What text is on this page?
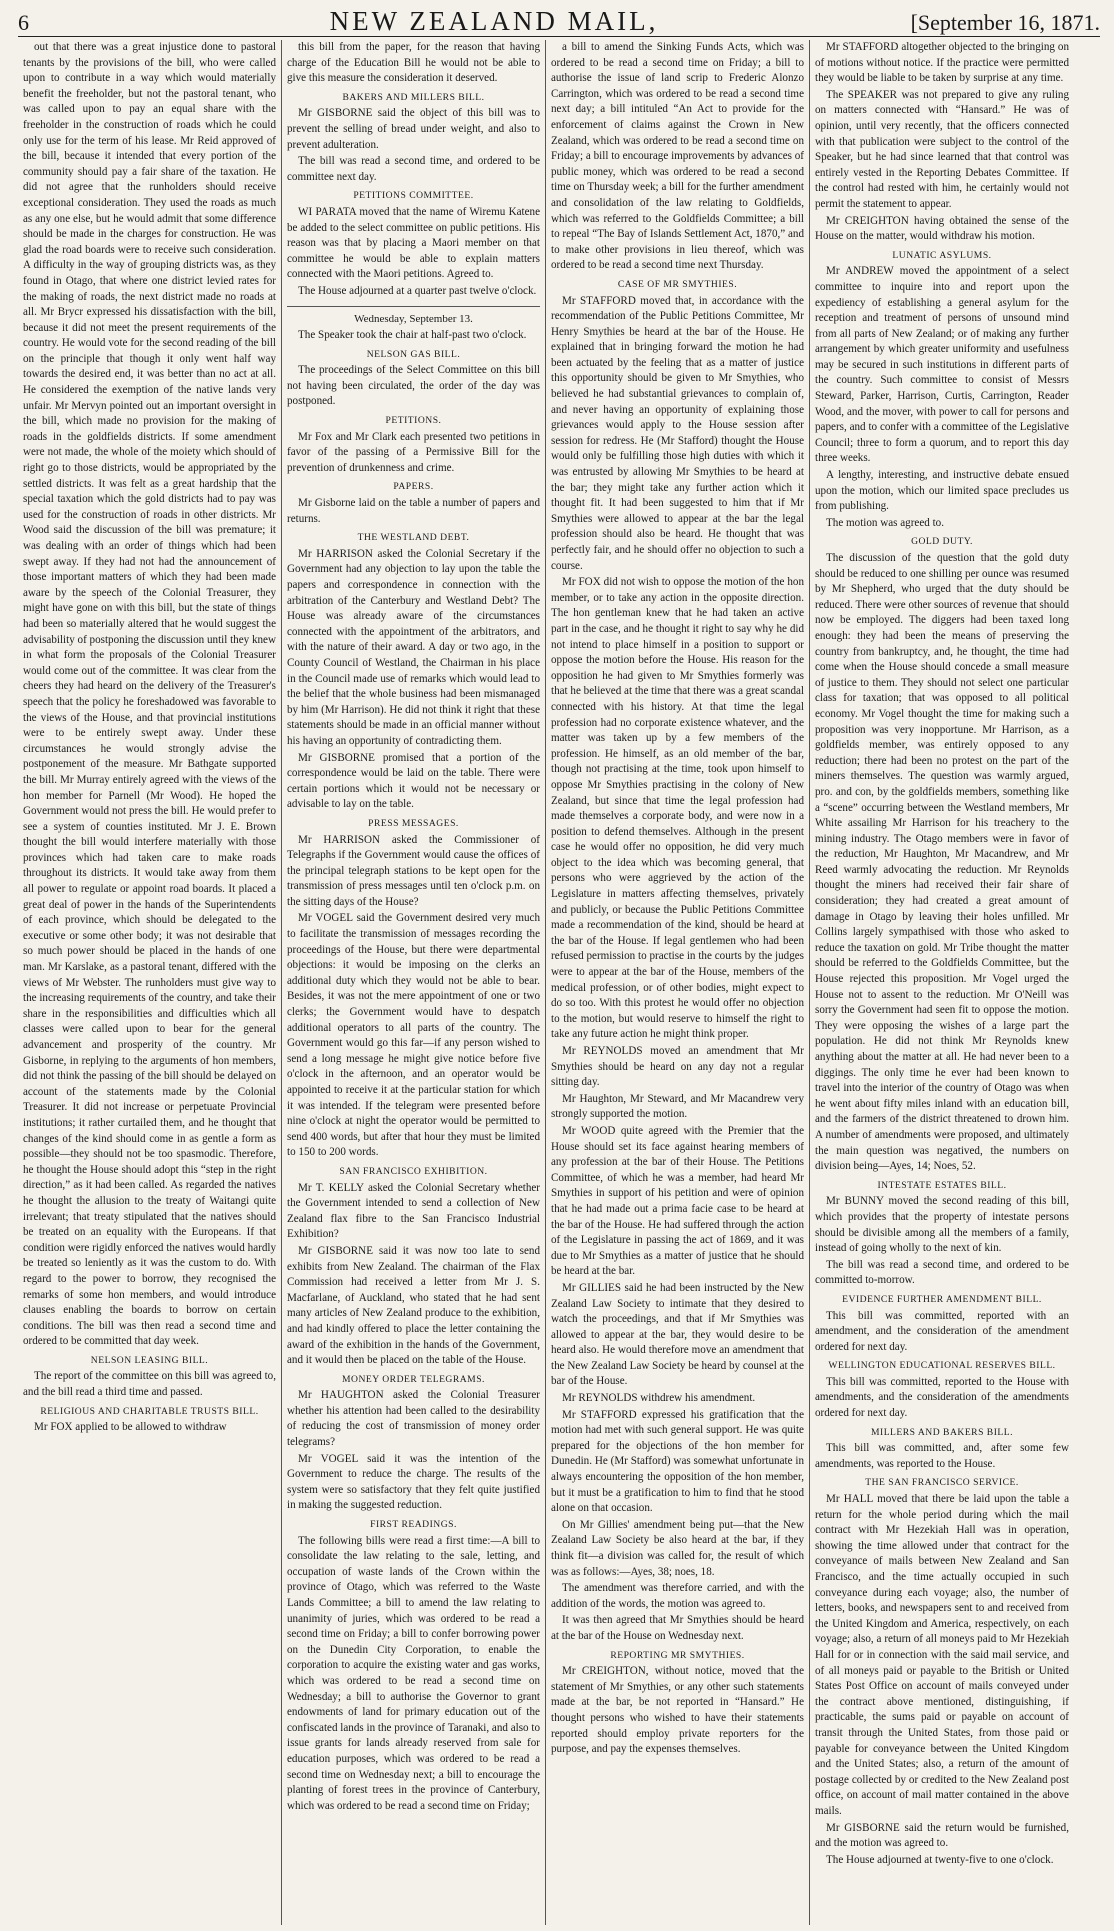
6	NEW ZEALAND MAIL,	[September 16, 1871.

out that there was a great injustice done to pastoral tenants by the provisions of the bill, who were called upon to contribute in a way which would materially benefit the freeholder, but not the pastoral tenant, who was called upon to pay an equal share with the freeholder in the construction of roads which he could only use for the term of his lease. Mr Reid approved of the bill, because it intended that every portion of the community should pay a fair share of the taxation. He did not agree that the runholders should receive exceptional consideration. They used the roads as much as any one else, but he would admit that some difference should be made in the charges for construction. He was glad the road boards were to receive such consideration. A difficulty in the way of grouping districts was, as they found in Otago, that where one district levied rates for the making of roads, the next district made no roads at all. Mr Brycr expressed his dissatisfaction with the bill, because it did not meet the present requirements of the country. He would vote for the second reading of the bill on the principle that though it only went half way towards the desired end, it was better than no act at all. He considered the exemption of the native lands very unfair. Mr Mervyn pointed out an important oversight in the bill, which made no provision for the making of roads in the goldfields districts. If some amendment were not made, the whole of the moiety which should of right go to those districts, would be appropriated by the settled districts. It was felt as a great hardship that the special taxation which the gold districts had to pay was used for the construction of roads in other districts. Mr Wood said the discussion of the bill was premature; it was dealing with an order of things which had been swept away. If they had not had the announcement of those important matters of which they had been made aware by the speech of the Colonial Treasurer, they might have gone on with this bill, but the state of things had been so materially altered that he would suggest the advisability of postponing the discussion until they knew in what form the proposals of the Colonial Treasurer would come out of the committee. It was clear from the cheers they had heard on the delivery of the Treasurer's speech that the policy he foreshadowed was favorable to the views of the House, and that provincial institutions were to be entirely swept away. Under these circumstances he would strongly advise the postponement of the measure. Mr Bathgate supported the bill. Mr Murray entirely agreed with the views of the hon member for Parnell (Mr Wood). He hoped the Government would not press the bill. He would prefer to see a system of counties instituted. Mr J. E. Brown thought the bill would interfere materially with those provinces which had taken care to make roads throughout its districts. It would take away from them all power to regulate or appoint road boards. It placed a great deal of power in the hands of the Superintendents of each province, which should be delegated to the executive or some other body; it was not desirable that so much power should be placed in the hands of one man. Mr Karslake, as a pastoral tenant, differed with the views of Mr Webster. The runholders must give way to the increasing requirements of the country, and take their share in the responsibilities and difficulties which all classes were called upon to bear for the general advancement and prosperity of the country. Mr Gisborne, in replying to the arguments of hon members, did not think the passing of the bill should be delayed on account of the statements made by the Colonial Treasurer. It did not increase or perpetuate Provincial institutions; it rather curtailed them, and he thought that changes of the kind should come in as gentle a form as possible—they should not be too spasmodic. Therefore, he thought the House should adopt this “step in the right direction,” as it had been called. As regarded the natives he thought the allusion to the treaty of Waitangi quite irrelevant; that treaty stipulated that the natives should be treated on an equality with the Europeans. If that condition were rigidly enforced the natives would hardly be treated so leniently as it was the custom to do. With regard to the power to borrow, they recognised the remarks of some hon members, and would introduce clauses enabling the boards to borrow on certain conditions. The bill was then read a second time and ordered to be committed that day week.

NELSON LEASING BILL.

The report of the committee on this bill was agreed to, and the bill read a third time and passed.

RELIGIOUS AND CHARITABLE TRUSTS BILL.

Mr FOX applied to be allowed to withdraw

this bill from the paper, for the reason that having charge of the Education Bill he would not be able to give this measure the consideration it deserved.

BAKERS AND MILLERS BILL.

Mr GISBORNE said the object of this bill was to prevent the selling of bread under weight, and also to prevent adulteration.

The bill was read a second time, and ordered to be committee next day.

PETITIONS COMMITTEE.

WI PARATA moved that the name of Wiremu Katene be added to the select committee on public petitions. His reason was that by placing a Maori member on that committee he would be able to explain matters connected with the Maori petitions. Agreed to.

The House adjourned at a quarter past twelve o'clock.

Wednesday, September 13.

The Speaker took the chair at half-past two o'clock.

NELSON GAS BILL.

The proceedings of the Select Committee on this bill not having been circulated, the order of the day was postponed.

PETITIONS.

Mr Fox and Mr Clark each presented two petitions in favor of the passing of a Permissive Bill for the prevention of drunkenness and crime.

PAPERS.

Mr Gisborne laid on the table a number of papers and returns.

THE WESTLAND DEBT.

Mr HARRISON asked the Colonial Secretary if the Government had any objection to lay upon the table the papers and correspondence in connection with the arbitration of the Canterbury and Westland Debt? The House was already aware of the circumstances connected with the appointment of the arbitrators, and with the nature of their award. A day or two ago, in the County Council of Westland, the Chairman in his place in the Council made use of remarks which would lead to the belief that the whole business had been mismanaged by him (Mr Harrison). He did not think it right that these statements should be made in an official manner without his having an opportunity of contradicting them.

Mr GISBORNE promised that a portion of the correspondence would be laid on the table. There were certain portions which it would not be necessary or advisable to lay on the table.

PRESS MESSAGES.

Mr HARRISON asked the Commissioner of Telegraphs if the Government would cause the offices of the principal telegraph stations to be kept open for the transmission of press messages until ten o'clock p.m. on the sitting days of the House?

Mr VOGEL said the Government desired very much to facilitate the transmission of messages recording the proceedings of the House, but there were departmental objections: it would be imposing on the clerks an additional duty which they would not be able to bear. Besides, it was not the mere appointment of one or two clerks; the Government would have to despatch additional operators to all parts of the country. The Government would go this far—if any person wished to send a long message he might give notice before five o'clock in the afternoon, and an operator would be appointed to receive it at the particular station for which it was intended. If the telegram were presented before nine o'clock at night the operator would be permitted to send 400 words, but after that hour they must be limited to 150 to 200 words.

SAN FRANCISCO EXHIBITION.

Mr T. KELLY asked the Colonial Secretary whether the Government intended to send a collection of New Zealand flax fibre to the San Francisco Industrial Exhibition?

Mr GISBORNE said it was now too late to send exhibits from New Zealand. The chairman of the Flax Commission had received a letter from Mr J. S. Macfarlane, of Auckland, who stated that he had sent many articles of New Zealand produce to the exhibition, and had kindly offered to place the letter containing the award of the exhibition in the hands of the Government, and it would then be placed on the table of the House.

MONEY ORDER TELEGRAMS.

Mr HAUGHTON asked the Colonial Treasurer whether his attention had been called to the desirability of reducing the cost of transmission of money order telegrams?

Mr VOGEL said it was the intention of the Government to reduce the charge. The results of the system were so satisfactory that they felt quite justified in making the suggested reduction.

FIRST READINGS.

The following bills were read a first time:—A bill to consolidate the law relating to the sale, letting, and occupation of waste lands of the Crown within the province of Otago, which was referred to the Waste Lands Committee; a bill to amend the law relating to unanimity of juries, which was ordered to be read a second time on Friday; a bill to confer borrowing power on the Dunedin City Corporation, to enable the corporation to acquire the existing water and gas works, which was ordered to be read a second time on Wednesday; a bill to authorise the Governor to grant endowments of land for primary education out of the confiscated lands in the province of Taranaki, and also to issue grants for lands already reserved from sale for education purposes, which was ordered to be read a second time on Wednesday next; a bill to encourage the planting of forest trees in the province of Canterbury, which was ordered to be read a second time on Friday;

a bill to amend the Sinking Funds Acts, which was ordered to be read a second time on Friday; a bill to authorise the issue of land scrip to Frederic Alonzo Carrington, which was ordered to be read a second time next day; a bill intituled “An Act to provide for the enforcement of claims against the Crown in New Zealand, which was ordered to be read a second time on Friday; a bill to encourage improvements by advances of public money, which was ordered to be read a second time on Thursday week; a bill for the further amendment and consolidation of the law relating to Goldfields, which was referred to the Goldfields Committee; a bill to repeal “The Bay of Islands Settlement Act, 1870,” and to make other provisions in lieu thereof, which was ordered to be read a second time next Thursday.

CASE OF MR SMYTHIES.

Mr STAFFORD moved that, in accordance with the recommendation of the Public Petitions Committee, Mr Henry Smythies be heard at the bar of the House. He explained that in bringing forward the motion he had been actuated by the feeling that as a matter of justice this opportunity should be given to Mr Smythies, who believed he had substantial grievances to complain of, and never having an opportunity of explaining those grievances would apply to the House session after session for redress. He (Mr Stafford) thought the House would only be fulfilling those high duties with which it was entrusted by allowing Mr Smythies to be heard at the bar; they might take any further action which it thought fit. It had been suggested to him that if Mr Smythies were allowed to appear at the bar the legal profession should also be heard. He thought that was perfectly fair, and he should offer no objection to such a course.

Mr FOX did not wish to oppose the motion of the hon member, or to take any action in the opposite direction. The hon gentleman knew that he had taken an active part in the case, and he thought it right to say why he did not intend to place himself in a position to support or oppose the motion before the House. His reason for the opposition he had given to Mr Smythies formerly was that he believed at the time that there was a great scandal connected with his history. At that time the legal profession had no corporate existence whatever, and the matter was taken up by a few members of the profession. He himself, as an old member of the bar, though not practising at the time, took upon himself to oppose Mr Smythies practising in the colony of New Zealand, but since that time the legal profession had made themselves a corporate body, and were now in a position to defend themselves. Although in the present case he would offer no opposition, he did very much object to the idea which was becoming general, that persons who were aggrieved by the action of the Legislature in matters affecting themselves, privately and publicly, or because the Public Petitions Committee made a recommendation of the kind, should be heard at the bar of the House. If legal gentlemen who had been refused permission to practise in the courts by the judges were to appear at the bar of the House, members of the medical profession, or of other bodies, might expect to do so too. With this protest he would offer no objection to the motion, but would reserve to himself the right to take any future action he might think proper.

Mr REYNOLDS moved an amendment that Mr Smythies should be heard on any day not a regular sitting day.

Mr Haughton, Mr Steward, and Mr Macandrew very strongly supported the motion.

Mr WOOD quite agreed with the Premier that the House should set its face against hearing members of any profession at the bar of their House. The Petitions Committee, of which he was a member, had heard Mr Smythies in support of his petition and were of opinion that he had made out a prima facie case to be heard at the bar of the House. He had suffered through the action of the Legislature in passing the act of 1869, and it was due to Mr Smythies as a matter of justice that he should be heard at the bar.

Mr GILLIES said he had been instructed by the New Zealand Law Society to intimate that they desired to watch the proceedings, and that if Mr Smythies was allowed to appear at the bar, they would desire to be heard also. He would therefore move an amendment that the New Zealand Law Society be heard by counsel at the bar of the House.

Mr REYNOLDS withdrew his amendment.

Mr STAFFORD expressed his gratification that the motion had met with such general support. He was quite prepared for the objections of the hon member for Dunedin. He (Mr Stafford) was somewhat unfortunate in always encountering the opposition of the hon member, but it must be a gratification to him to find that he stood alone on that occasion.

On Mr Gillies' amendment being put—that the New Zealand Law Society be also heard at the bar, if they think fit—a division was called for, the result of which was as follows:—Ayes, 38; noes, 18.

The amendment was therefore carried, and with the addition of the words, the motion was agreed to.

It was then agreed that Mr Smythies should be heard at the bar of the House on Wednesday next.

REPORTING MR SMYTHIES.

Mr CREIGHTON, without notice, moved that the statement of Mr Smythies, or any other such statements made at the bar, be not reported in “Hansard.” He thought persons who wished to have their statements reported should employ private reporters for the purpose, and pay the expenses themselves.

Mr STAFFORD altogether objected to the bringing on of motions without notice. If the practice were permitted they would be liable to be taken by surprise at any time.

The SPEAKER was not prepared to give any ruling on matters connected with “Hansard.” He was of opinion, until very recently, that the officers connected with that publication were subject to the control of the Speaker, but he had since learned that that control was entirely vested in the Reporting Debates Committee. If the control had rested with him, he certainly would not permit the statement to appear.

Mr CREIGHTON having obtained the sense of the House on the matter, would withdraw his motion.

LUNATIC ASYLUMS.

Mr ANDREW moved the appointment of a select committee to inquire into and report upon the expediency of establishing a general asylum for the reception and treatment of persons of unsound mind from all parts of New Zealand; or of making any further arrangement by which greater uniformity and usefulness may be secured in such institutions in different parts of the country. Such committee to consist of Messrs Steward, Parker, Harrison, Curtis, Carrington, Reader Wood, and the mover, with power to call for persons and papers, and to confer with a committee of the Legislative Council; three to form a quorum, and to report this day three weeks.

A lengthy, interesting, and instructive debate ensued upon the motion, which our limited space precludes us from publishing.

The motion was agreed to.

GOLD DUTY.

The discussion of the question that the gold duty should be reduced to one shilling per ounce was resumed by Mr Shepherd, who urged that the duty should be reduced. There were other sources of revenue that should now be employed. The diggers had been taxed long enough: they had been the means of preserving the country from bankruptcy, and, he thought, the time had come when the House should concede a small measure of justice to them. They should not select one particular class for taxation; that was opposed to all political economy. Mr Vogel thought the time for making such a proposition was very inopportune. Mr Harrison, as a goldfields member, was entirely opposed to any reduction; there had been no protest on the part of the miners themselves. The question was warmly argued, pro. and con, by the goldfields members, something like a “scene” occurring between the Westland members, Mr White assailing Mr Harrison for his treachery to the mining industry. The Otago members were in favor of the reduction, Mr Haughton, Mr Macandrew, and Mr Reed warmly advocating the reduction. Mr Reynolds thought the miners had received their fair share of consideration; they had created a great amount of damage in Otago by leaving their holes unfilled. Mr Collins largely sympathised with those who asked to reduce the taxation on gold. Mr Tribe thought the matter should be referred to the Goldfields Committee, but the House rejected this proposition. Mr Vogel urged the House not to assent to the reduction. Mr O'Neill was sorry the Government had seen fit to oppose the motion. They were opposing the wishes of a large part the population. He did not think Mr Reynolds knew anything about the matter at all. He had never been to a diggings. The only time he ever had been known to travel into the interior of the country of Otago was when he went about fifty miles inland with an education bill, and the farmers of the district threatened to drown him. A number of amendments were proposed, and ultimately the main question was negatived, the numbers on division being—Ayes, 14; Noes, 52.

INTESTATE ESTATES BILL.

Mr BUNNY moved the second reading of this bill, which provides that the property of intestate persons should be divisible among all the members of a family, instead of going wholly to the next of kin.

The bill was read a second time, and ordered to be committed to-morrow.

EVIDENCE FURTHER AMENDMENT BILL.

This bill was committed, reported with an amendment, and the consideration of the amendment ordered for next day.

WELLINGTON EDUCATIONAL RESERVES BILL.

This bill was committed, reported to the House with amendments, and the consideration of the amendments ordered for next day.

MILLERS AND BAKERS BILL.

This bill was committed, and, after some few amendments, was reported to the House.

THE SAN FRANCISCO SERVICE.

Mr HALL moved that there be laid upon the table a return for the whole period during which the mail contract with Mr Hezekiah Hall was in operation, showing the time allowed under that contract for the conveyance of mails between New Zealand and San Francisco, and the time actually occupied in such conveyance during each voyage; also, the number of letters, books, and newspapers sent to and received from the United Kingdom and America, respectively, on each voyage; also, a return of all moneys paid to Mr Hezekiah Hall for or in connection with the said mail service, and of all moneys paid or payable to the British or United States Post Office on account of mails conveyed under the contract above mentioned, distinguishing, if practicable, the sums paid or payable on account of transit through the United States, from those paid or payable for conveyance between the United Kingdom and the United States; also, a return of the amount of postage collected by or credited to the New Zealand post office, on account of mail matter contained in the above mails.

Mr GISBORNE said the return would be furnished, and the motion was agreed to.

The House adjourned at twenty-five to one o'clock.
